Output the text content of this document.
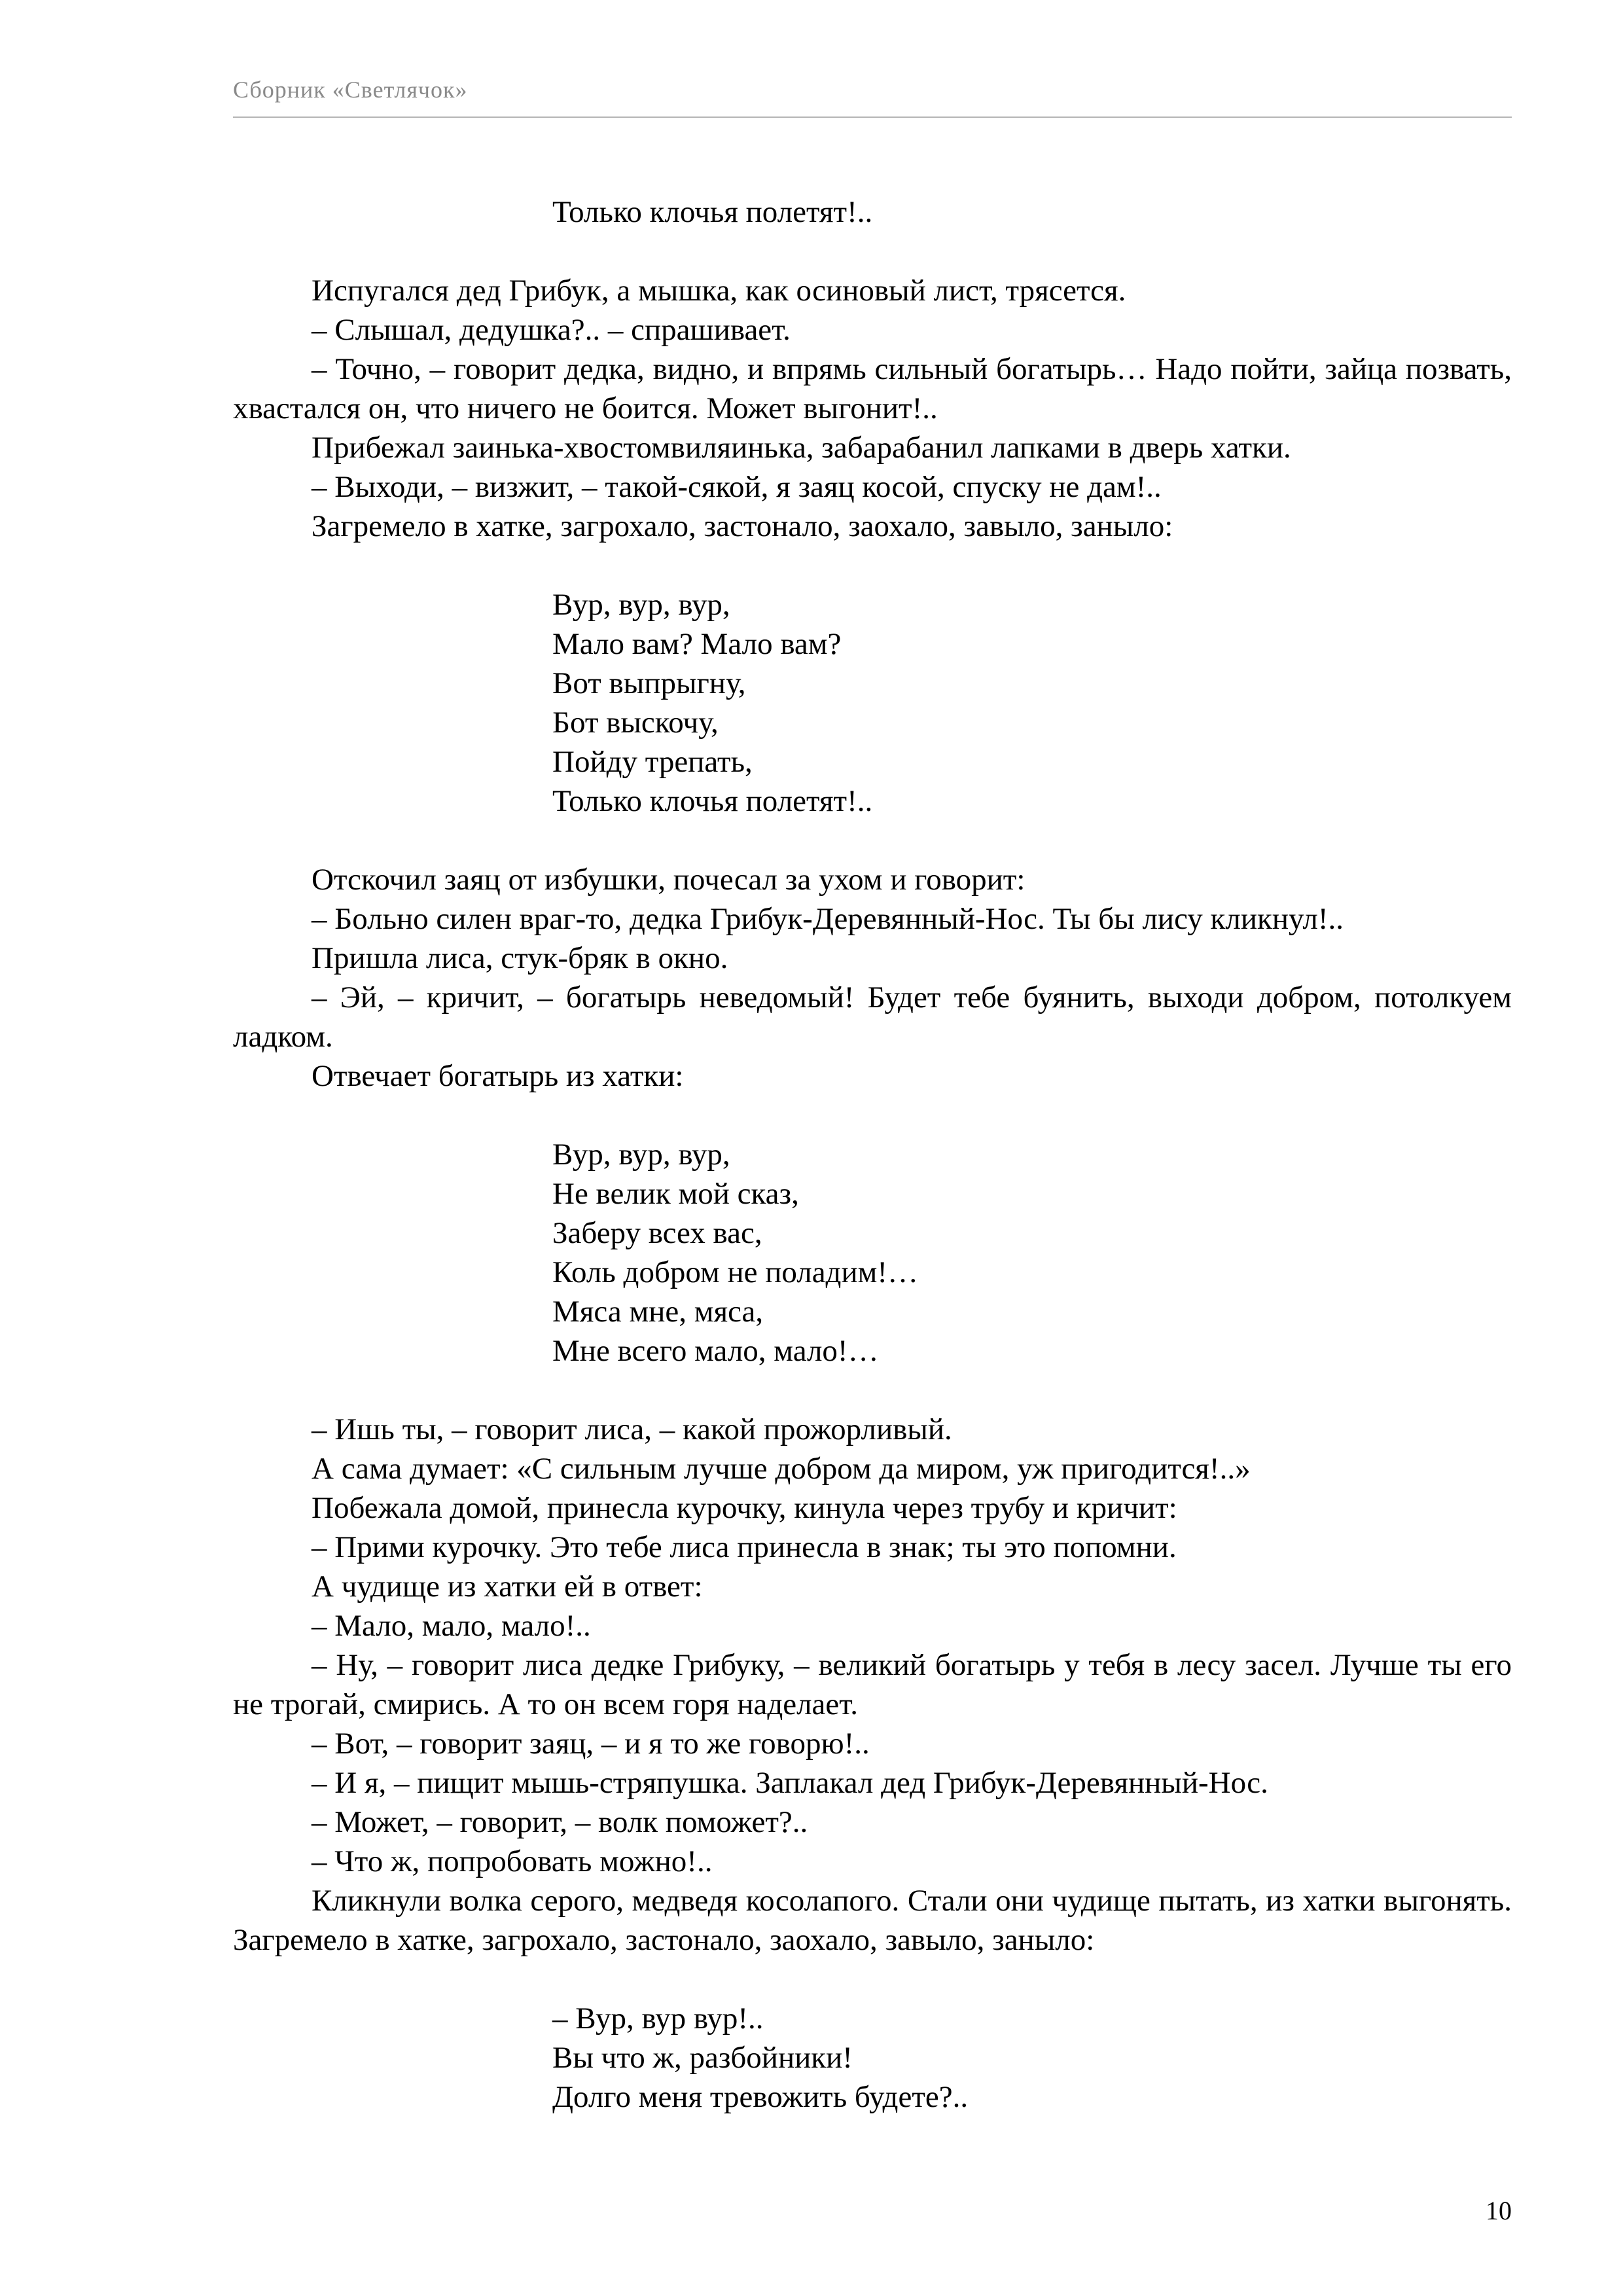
Сборник «Светлячок»
Только клочья полетят!..

Испугался дед Грибук, а мышка, как осиновый лист, трясется.

– Слышал, дедушка?.. – спрашивает.

– Точно, – говорит дедка, видно, и впрямь сильный богатырь… Надо пойти, зайца позвать, хвастался он, что ничего не боится. Может выгонит!..

Прибежал заинька-хвостомвиляинька, забарабанил лапками в дверь хатки.

– Выходи, – визжит, – такой-сякой, я заяц косой, спуску не дам!..

Загремело в хатке, загрохало, застонало, заохало, завыло, заныло:

Вур, вур, вур,
Мало вам? Мало вам?
Вот выпрыгну,
Бот выскочу,
Пойду трепать,
Только клочья полетят!..

Отскочил заяц от избушки, почесал за ухом и говорит:

– Больно силен враг-то, дедка Грибук-Деревянный-Нос. Ты бы лису кликнул!..

Пришла лиса, стук-бряк в окно.

– Эй, – кричит, – богатырь неведомый! Будет тебе буянить, выходи добром, потолкуем ладком.

Отвечает богатырь из хатки:

Вур, вур, вур,
Не велик мой сказ,
Заберу всех вас,
Коль добром не поладим!…
Мяса мне, мяса,
Мне всего мало, мало!…

– Ишь ты, – говорит лиса, – какой прожорливый.

А сама думает: «С сильным лучше добром да миром, уж пригодится!..»

Побежала домой, принесла курочку, кинула через трубу и кричит:

– Прими курочку. Это тебе лиса принесла в знак; ты это попомни.

А чудище из хатки ей в ответ:

– Мало, мало, мало!..

– Ну, – говорит лиса дедке Грибуку, – великий богатырь у тебя в лесу засел. Лучше ты его не трогай, смирись. А то он всем горя наделает.

– Вот, – говорит заяц, – и я то же говорю!..

– И я, – пищит мышь-стряпушка. Заплакал дед Грибук-Деревянный-Нос.

– Может, – говорит, – волк поможет?..

– Что ж, попробовать можно!..

Кликнули волка серого, медведя косолапого. Стали они чудище пытать, из хатки выгонять. Загремело в хатке, загрохало, застонало, заохало, завыло, заныло:

– Вур, вур вур!..
Вы что ж, разбойники!
Долго меня тревожить будете?..
10
